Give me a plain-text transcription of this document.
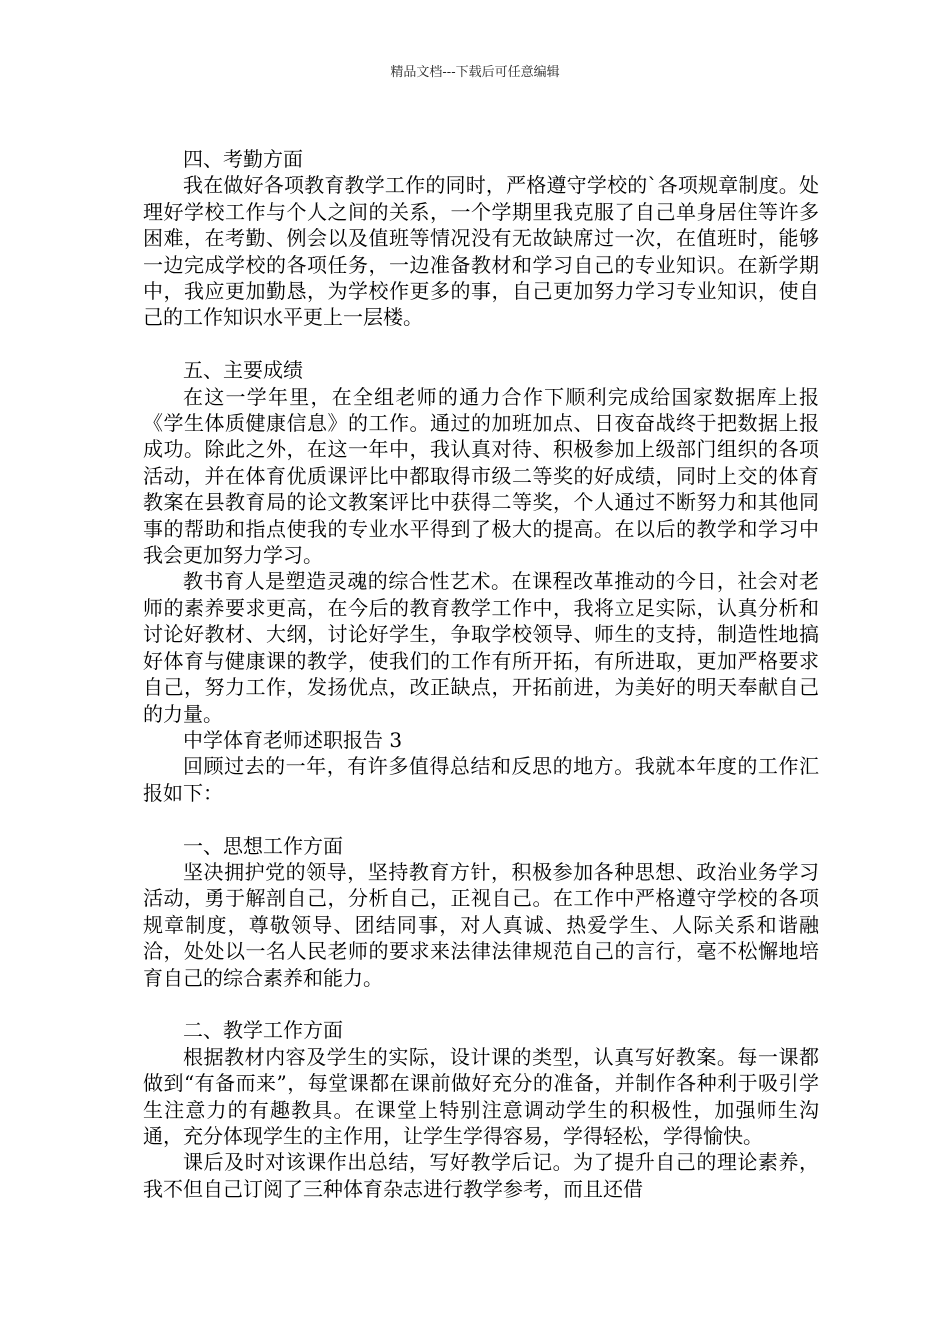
精品文档---下载后可任意编辑

四、考勤方面

我在做好各项教育教学工作的同时，严格遵守学校的`各项规章制度。处理好学校工作与个人之间的关系，一个学期里我克服了自己单身居住等许多困难，在考勤、例会以及值班等情况没有无故缺席过一次，在值班时，能够一边完成学校的各项任务，一边准备教材和学习自己的专业知识。在新学期中，我应更加勤恳，为学校作更多的事，自己更加努力学习专业知识，使自己的工作知识水平更上一层楼。

五、主要成绩

在这一学年里，在全组老师的通力合作下顺利完成给国家数据库上报《学生体质健康信息》的工作。通过的加班加点、日夜奋战终于把数据上报成功。除此之外，在这一年中，我认真对待、积极参加上级部门组织的各项活动，并在体育优质课评比中都取得市级二等奖的好成绩，同时上交的体育教案在县教育局的论文教案评比中获得二等奖，个人通过不断努力和其他同事的帮助和指点使我的专业水平得到了极大的提高。在以后的教学和学习中我会更加努力学习。

教书育人是塑造灵魂的综合性艺术。在课程改革推动的今日，社会对老师的素养要求更高，在今后的教育教学工作中，我将立足实际，认真分析和讨论好教材、大纲，讨论好学生，争取学校领导、师生的支持，制造性地搞好体育与健康课的教学，使我们的工作有所开拓，有所进取，更加严格要求自己，努力工作，发扬优点，改正缺点，开拓前进，为美好的明天奉献自己的力量。

中学体育老师述职报告 3

回顾过去的一年，有许多值得总结和反思的地方。我就本年度的工作汇报如下：

一、思想工作方面

坚决拥护党的领导，坚持教育方针，积极参加各种思想、政治业务学习活动，勇于解剖自己，分析自己，正视自己。在工作中严格遵守学校的各项规章制度，尊敬领导、团结同事，对人真诚、热爱学生、人际关系和谐融洽，处处以一名人民老师的要求来法律法律规范自己的言行，毫不松懈地培育自己的综合素养和能力。

二、教学工作方面

根据教材内容及学生的实际，设计课的类型，认真写好教案。每一课都做到“有备而来”，每堂课都在课前做好充分的准备，并制作各种利于吸引学生注意力的有趣教具。在课堂上特别注意调动学生的积极性，加强师生沟通，充分体现学生的主作用，让学生学得容易，学得轻松，学得愉快。

课后及时对该课作出总结，写好教学后记。为了提升自己的理论素养，我不但自己订阅了三种体育杂志进行教学参考，而且还借
